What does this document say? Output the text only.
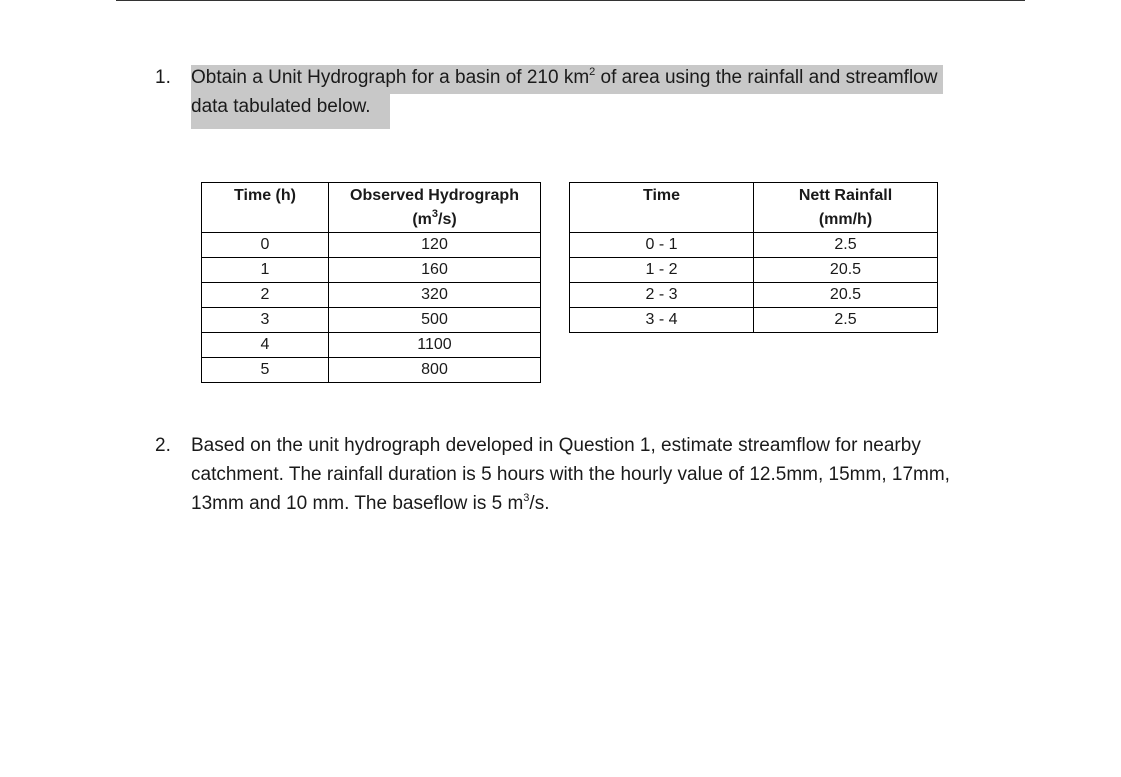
1. Obtain a Unit Hydrograph for a basin of 210 $km^2$ of area using the rainfall and streamflow
data tabulated below.
Time (h)	Observed Hydrograph
$(m^3/s)$
0	120
1	160
2	320
3	500
4	1100
5	800
Time	Nett Rainfall
(mm/h)
0 - 1	2.5
1 - 2	20.5
2 - 3	20.5
3 - 4	2.5
2. Based on the unit hydrograph developed in Question 1, estimate streamflow for nearby
catchment. The rainfall duration is 5 hours with the hourly value of 12.5mm, 15mm, 17mm,
13mm and 10 mm. The baseflow is 5 $m^3/s$.
